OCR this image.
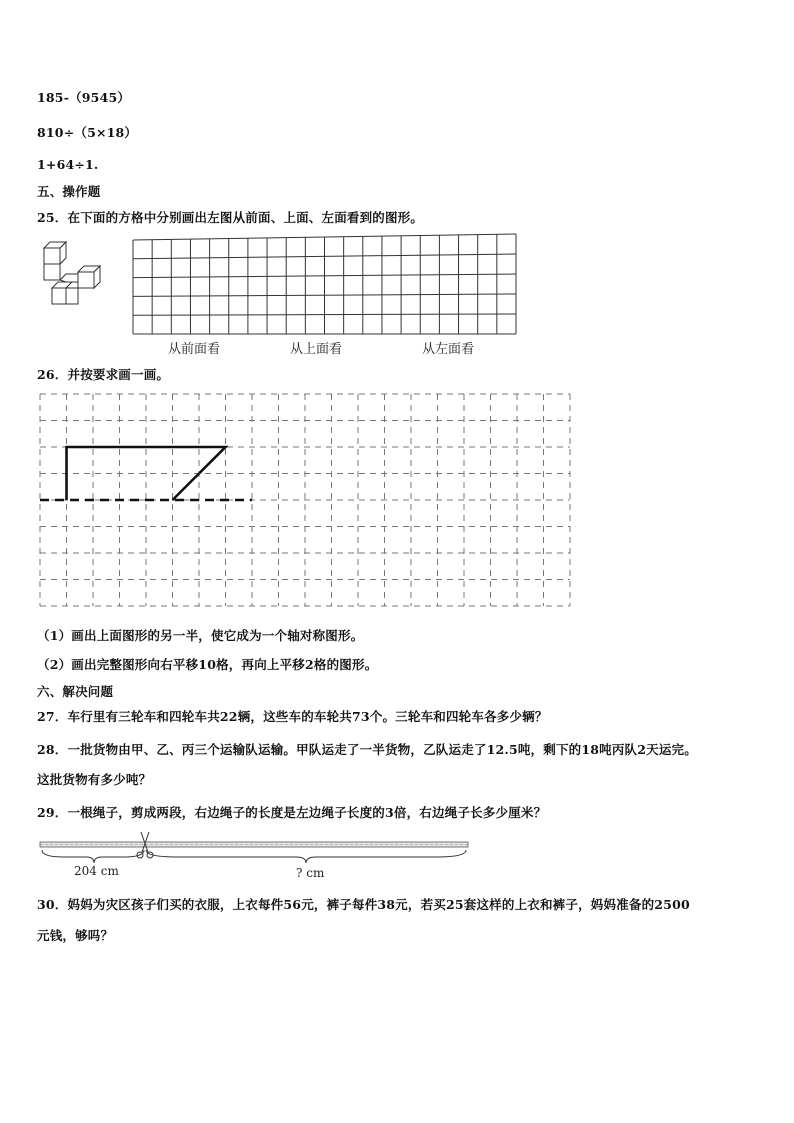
185-（9545）
810÷（5×18）
1+64÷1.
五、操作题
25．在下面的方格中分别画出左图从前面、上面、左面看到的图形。
从前面看	从上面看	从左面看
26．并按要求画一画。
（1）画出上面图形的另一半，使它成为一个轴对称图形。
（2）画出完整图形向右平移10格，再向上平移2格的图形。
六、解决问题
27．车行里有三轮车和四轮车共22辆，这些车的车轮共73个。三轮车和四轮车各多少辆？
28．一批货物由甲、乙、丙三个运输队运输。甲队运走了一半货物，乙队运走了12.5吨，剩下的18吨丙队2天运完。
这批货物有多少吨？
29．一根绳子，剪成两段，右边绳子的长度是左边绳子长度的3倍，右边绳子长多少厘米？
204 cm	? cm
30．妈妈为灾区孩子们买的衣服，上衣每件56元，裤子每件38元，若买25套这样的上衣和裤子，妈妈准备的2500
元钱，够吗？
